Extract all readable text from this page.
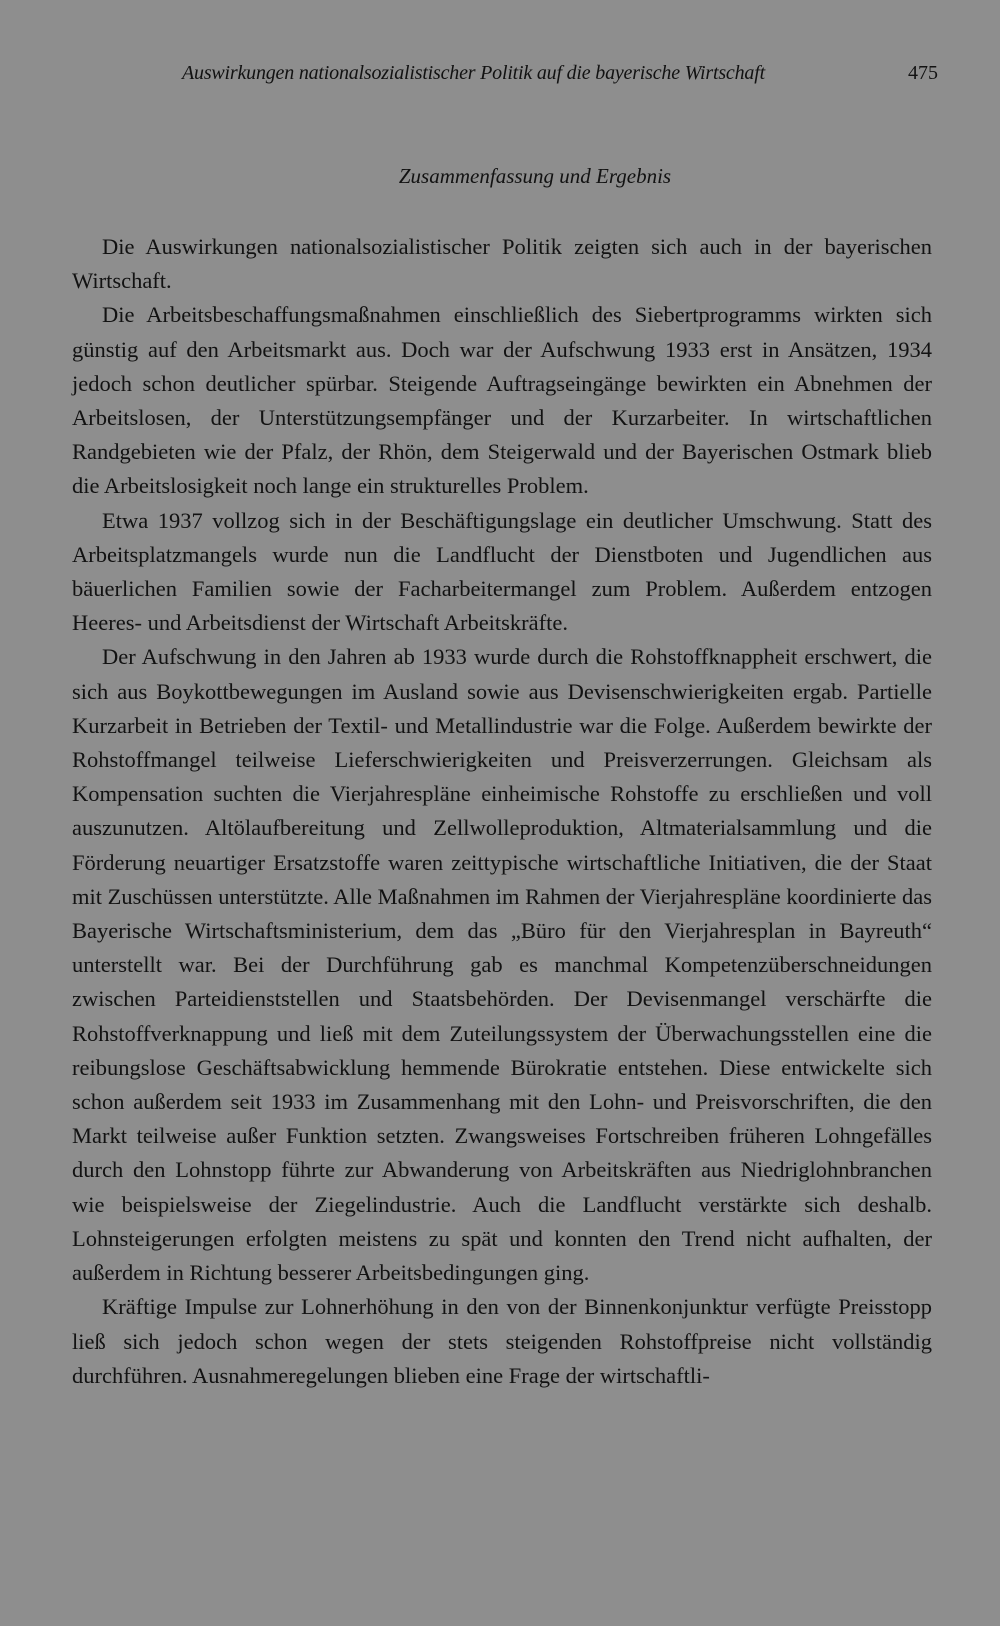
Auswirkungen nationalsozialistischer Politik auf die bayerische Wirtschaft	475
Zusammenfassung und Ergebnis

Die Auswirkungen nationalsozialistischer Politik zeigten sich auch in der bayerischen Wirtschaft.

Die Arbeitsbeschaffungsmaßnahmen einschließlich des Siebertprogramms wirkten sich günstig auf den Arbeitsmarkt aus. Doch war der Aufschwung 1933 erst in Ansätzen, 1934 jedoch schon deutlicher spürbar. Steigende Auftragseingänge bewirkten ein Abnehmen der Arbeitslosen, der Unterstützungsempfänger und der Kurzarbeiter. In wirtschaftlichen Randgebieten wie der Pfalz, der Rhön, dem Steigerwald und der Bayerischen Ostmark blieb die Arbeitslosigkeit noch lange ein strukturelles Problem.

Etwa 1937 vollzog sich in der Beschäftigungslage ein deutlicher Umschwung. Statt des Arbeitsplatzmangels wurde nun die Landflucht der Dienstboten und Jugendlichen aus bäuerlichen Familien sowie der Facharbeitermangel zum Problem. Außerdem entzogen Heeres- und Arbeitsdienst der Wirtschaft Arbeitskräfte.

Der Aufschwung in den Jahren ab 1933 wurde durch die Rohstoffknappheit erschwert, die sich aus Boykottbewegungen im Ausland sowie aus Devisenschwierigkeiten ergab. Partielle Kurzarbeit in Betrieben der Textil- und Metallindustrie war die Folge. Außerdem bewirkte der Rohstoffmangel teilweise Lieferschwierigkeiten und Preisverzerrungen. Gleichsam als Kompensation suchten die Vierjahrespläne einheimische Rohstoffe zu erschließen und voll auszunutzen. Altölaufbereitung und Zellwolleproduktion, Altmaterialsammlung und die Förderung neuartiger Ersatzstoffe waren zeittypische wirtschaftliche Initiativen, die der Staat mit Zuschüssen unterstützte. Alle Maßnahmen im Rahmen der Vierjahrespläne koordinierte das Bayerische Wirtschaftsministerium, dem das „Büro für den Vierjahresplan in Bayreuth“ unterstellt war. Bei der Durchführung gab es manchmal Kompetenzüberschneidungen zwischen Parteidienststellen und Staatsbehörden. Der Devisenmangel verschärfte die Rohstoffverknappung und ließ mit dem Zuteilungssystem der Überwachungsstellen eine die reibungslose Geschäftsabwicklung hemmende Bürokratie entstehen. Diese entwickelte sich schon außerdem seit 1933 im Zusammenhang mit den Lohn- und Preisvorschriften, die den Markt teilweise außer Funktion setzten. Zwangsweises Fortschreiben früheren Lohngefälles durch den Lohnstopp führte zur Abwanderung von Arbeitskräften aus Niedriglohnbranchen wie beispielsweise der Ziegelindustrie. Auch die Landflucht verstärkte sich deshalb. Lohnsteigerungen erfolgten meistens zu spät und konnten den Trend nicht aufhalten, der außerdem in Richtung besserer Arbeitsbedingungen ging.

Kräftige Impulse zur Lohnerhöhung in den von der Binnenkonjunktur verfügte Preisstopp ließ sich jedoch schon wegen der stets steigenden Rohstoffpreise nicht vollständig durchführen. Ausnahmeregelungen blieben eine Frage der wirtschaftli-
